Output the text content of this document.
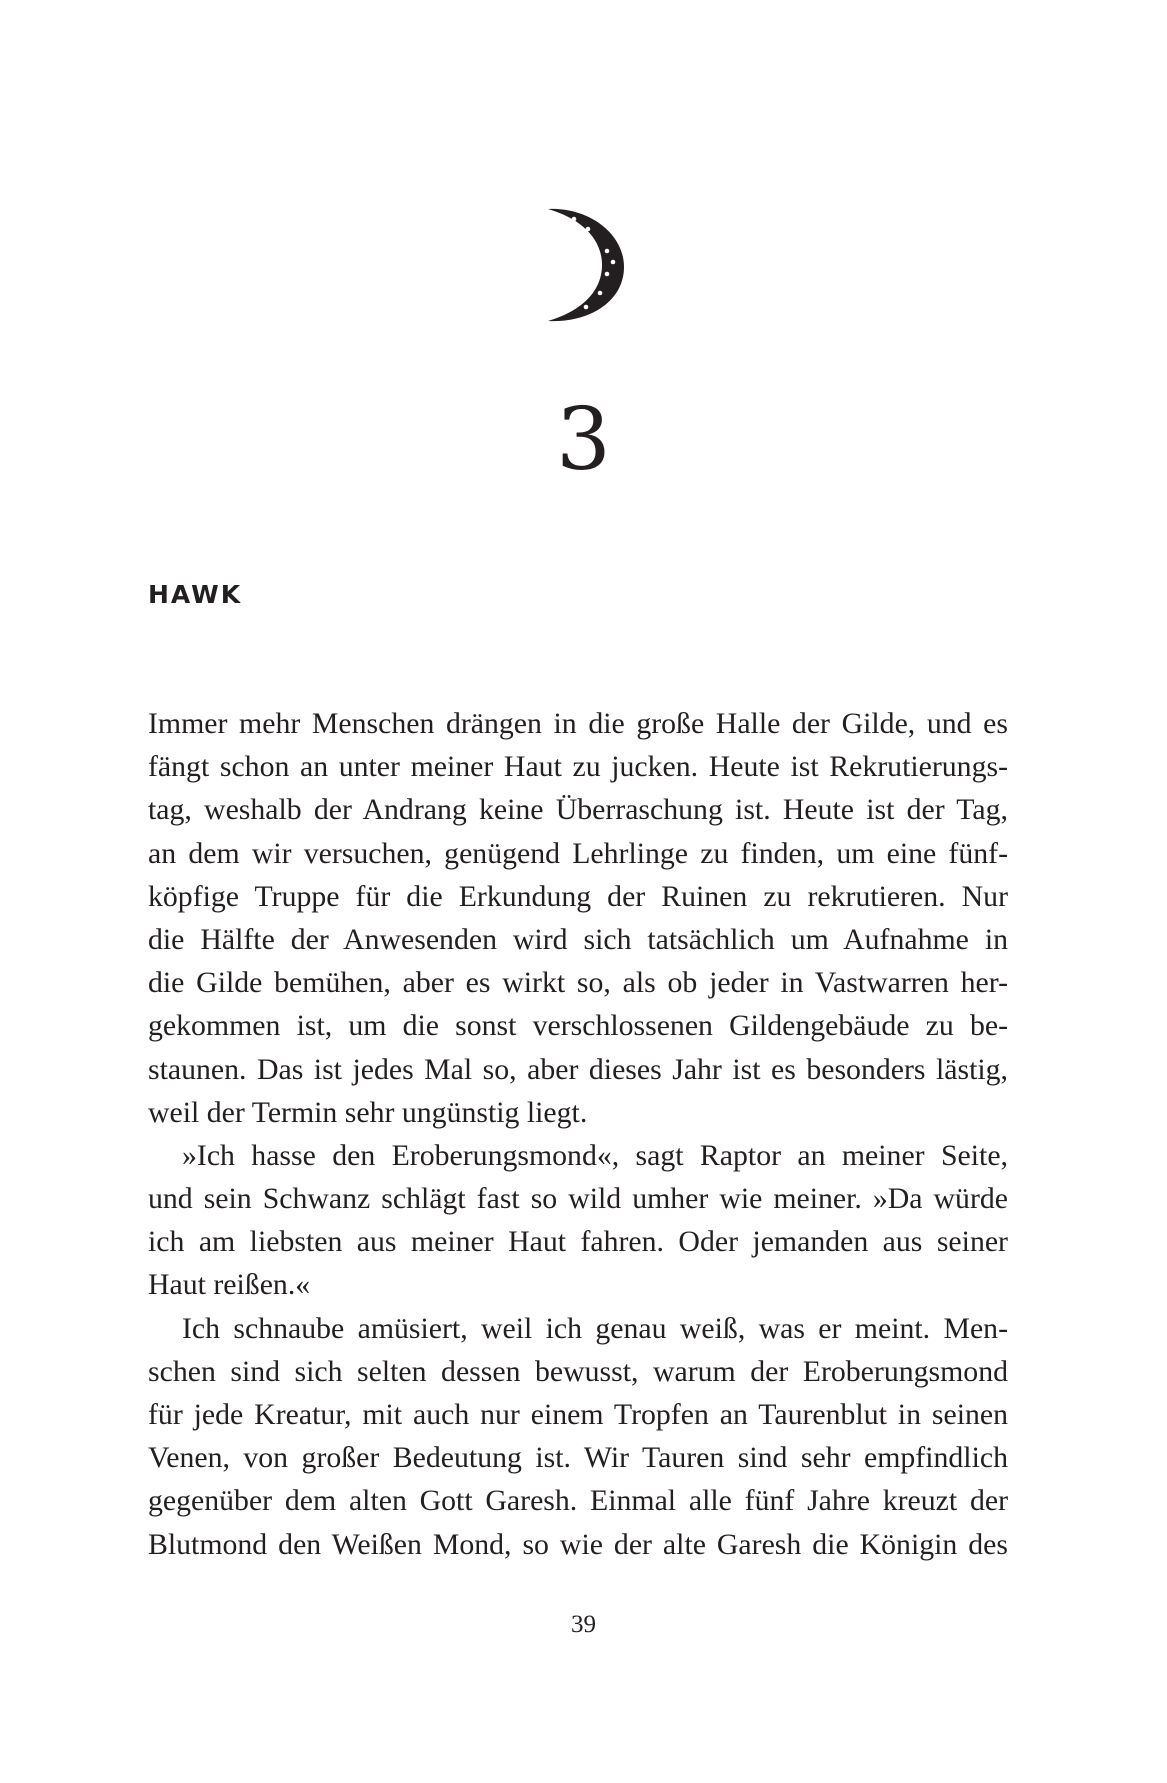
3
HAWK
Immer mehr Menschen drängen in die große Halle der Gilde, und es
fängt schon an unter meiner Haut zu jucken. Heute ist Rekrutierungs-
tag, weshalb der Andrang keine Überraschung ist. Heute ist der Tag,
an dem wir versuchen, genügend Lehrlinge zu finden, um eine fünf-
köpfige Truppe für die Erkundung der Ruinen zu rekrutieren. Nur
die Hälfte der Anwesenden wird sich tatsächlich um Aufnahme in
die Gilde bemühen, aber es wirkt so, als ob jeder in Vastwarren her-
gekommen ist, um die sonst verschlossenen Gildengebäude zu be-
staunen. Das ist jedes Mal so, aber dieses Jahr ist es besonders lästig,
weil der Termin sehr ungünstig liegt.
»Ich hasse den Eroberungsmond«, sagt Raptor an meiner Seite,
und sein Schwanz schlägt fast so wild umher wie meiner. »Da würde
ich am liebsten aus meiner Haut fahren. Oder jemanden aus seiner
Haut reißen.«
Ich schnaube amüsiert, weil ich genau weiß, was er meint. Men-
schen sind sich selten dessen bewusst, warum der Eroberungsmond
für jede Kreatur, mit auch nur einem Tropfen an Taurenblut in seinen
Venen, von großer Bedeutung ist. Wir Tauren sind sehr empfindlich
gegenüber dem alten Gott Garesh. Einmal alle fünf Jahre kreuzt der
Blutmond den Weißen Mond, so wie der alte Garesh die Königin des
39
